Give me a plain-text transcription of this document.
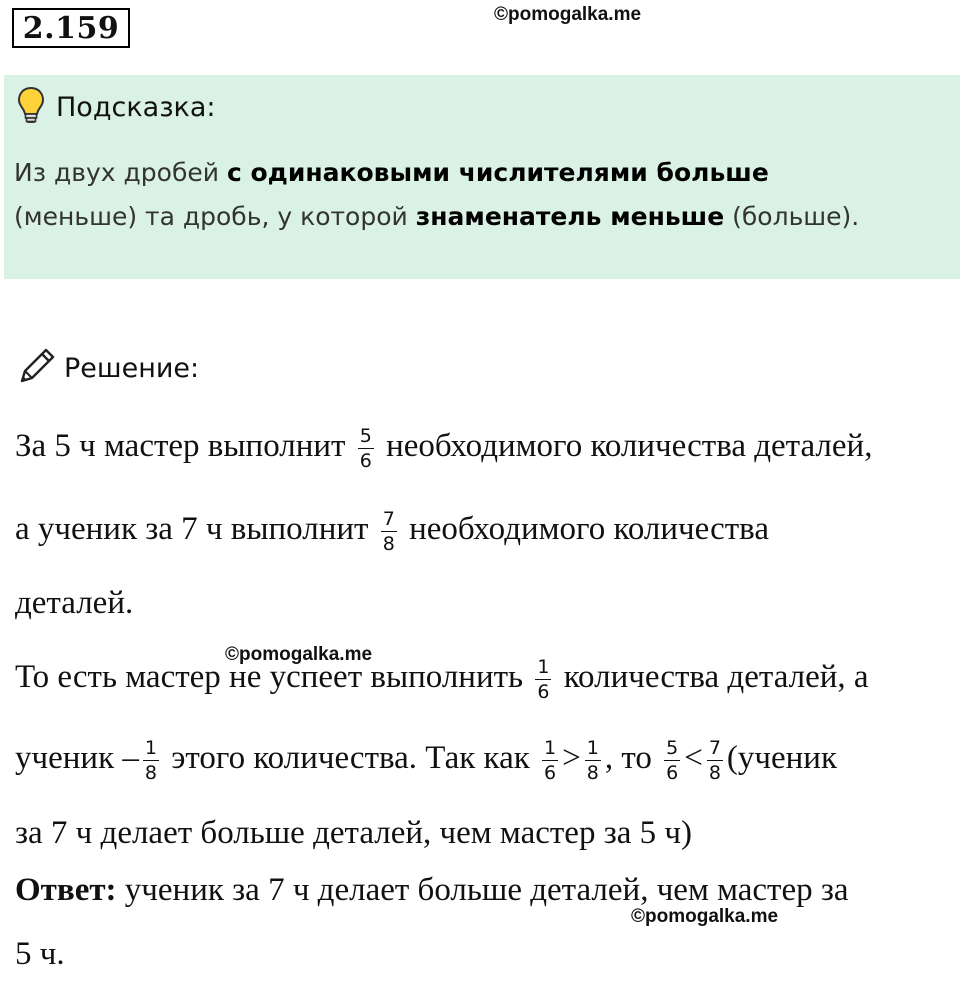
2.159	©pomogalka.me
Подсказка:

Из двух дробей с одинаковыми числителями больше
(меньше) та дробь, у которой знаменатель меньше (больше).

Решение:
За 5 ч мастер выполнит $\frac{5}{6}$ необходимого количества деталей,
а ученик за 7 ч выполнит $\frac{7}{8}$ необходимого количества
деталей.
©pomogalka.me
То есть мастер не успеет выполнить $\frac{1}{6}$ количества деталей, а
ученик – $\frac{1}{8}$ этого количества. Так как $\frac{1}{6} > \frac{1}{8}$ , то $\frac{5}{6} < \frac{7}{8}$ (ученик
за 7 ч делает больше деталей, чем мастер за 5 ч)
Ответ: ученик за 7 ч делает больше деталей, чем мастер за
©pomogalka.me
5 ч.
